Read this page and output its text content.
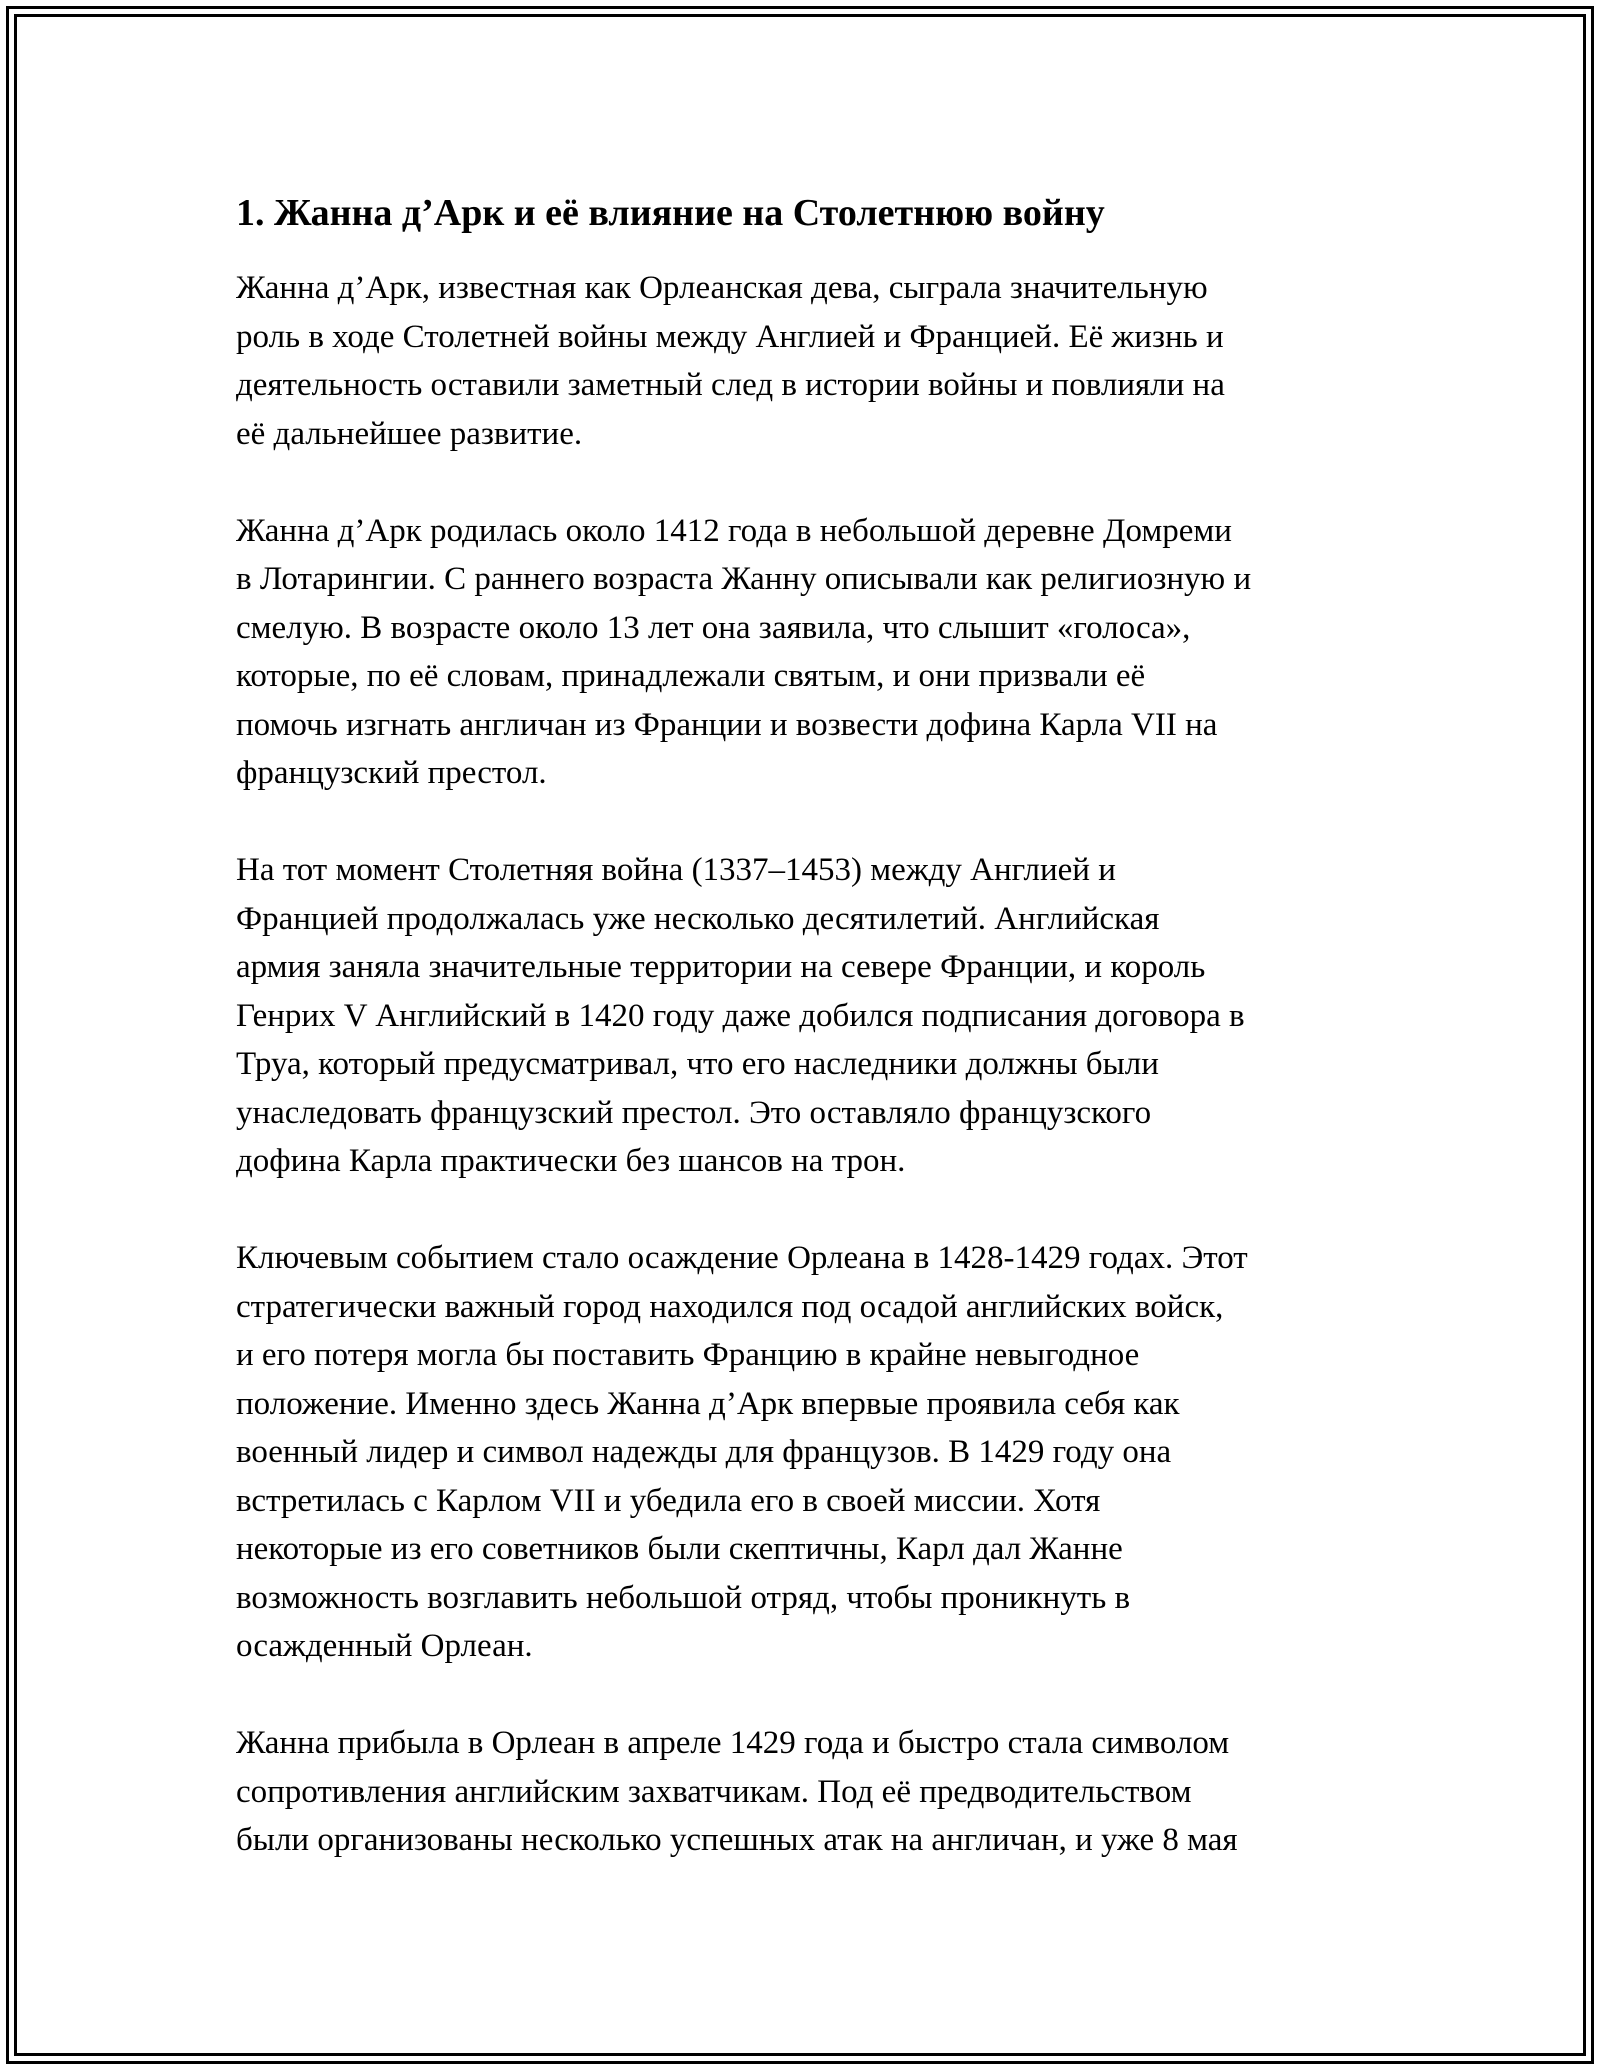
1. Жанна д’Арк и её влияние на Столетнюю войну

Жанна д’Арк, известная как Орлеанская дева, сыграла значительную
роль в ходе Столетней войны между Англией и Францией. Её жизнь и
деятельность оставили заметный след в истории войны и повлияли на
её дальнейшее развитие.

Жанна д’Арк родилась около 1412 года в небольшой деревне Домреми
в Лотарингии. С раннего возраста Жанну описывали как религиозную и
смелую. В возрасте около 13 лет она заявила, что слышит «голоса»,
которые, по её словам, принадлежали святым, и они призвали её
помочь изгнать англичан из Франции и возвести дофина Карла VII на
французский престол.

На тот момент Столетняя война (1337–1453) между Англией и
Францией продолжалась уже несколько десятилетий. Английская
армия заняла значительные территории на севере Франции, и король
Генрих V Английский в 1420 году даже добился подписания договора в
Труа, который предусматривал, что его наследники должны были
унаследовать французский престол. Это оставляло французского
дофина Карла практически без шансов на трон.

Ключевым событием стало осаждение Орлеана в 1428-1429 годах. Этот
стратегически важный город находился под осадой английских войск,
и его потеря могла бы поставить Францию в крайне невыгодное
положение. Именно здесь Жанна д’Арк впервые проявила себя как
военный лидер и символ надежды для французов. В 1429 году она
встретилась с Карлом VII и убедила его в своей миссии. Хотя
некоторые из его советников были скептичны, Карл дал Жанне
возможность возглавить небольшой отряд, чтобы проникнуть в
осажденный Орлеан.

Жанна прибыла в Орлеан в апреле 1429 года и быстро стала символом
сопротивления английским захватчикам. Под её предводительством
были организованы несколько успешных атак на англичан, и уже 8 мая
